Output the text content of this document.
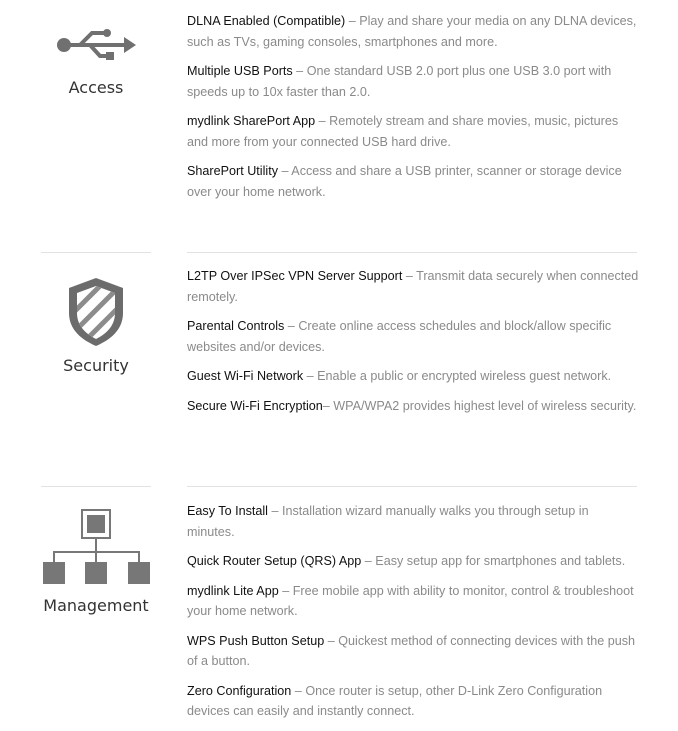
Access

DLNA Enabled (Compatible) – Play and share your media on any DLNA devices, such as TVs, gaming consoles, smartphones and more.

Multiple USB Ports – One standard USB 2.0 port plus one USB 3.0 port with speeds up to 10x faster than 2.0.

mydlink SharePort App – Remotely stream and share movies, music, pictures and more from your connected USB hard drive.

SharePort Utility – Access and share a USB printer, scanner or storage device over your home network.

Security

L2TP Over IPSec VPN Server Support – Transmit data securely when connected remotely.

Parental Controls – Create online access schedules and block/allow specific websites and/or devices.

Guest Wi-Fi Network – Enable a public or encrypted wireless guest network.

Secure Wi-Fi Encryption– WPA/WPA2 provides highest level of wireless security.

Management

Easy To Install – Installation wizard manually walks you through setup in minutes.

Quick Router Setup (QRS) App – Easy setup app for smartphones and tablets.

mydlink Lite App – Free mobile app with ability to monitor, control & troubleshoot your home network.

WPS Push Button Setup – Quickest method of connecting devices with the push of a button.

Zero Configuration – Once router is setup, other D-Link Zero Configuration devices can easily and instantly connect.
